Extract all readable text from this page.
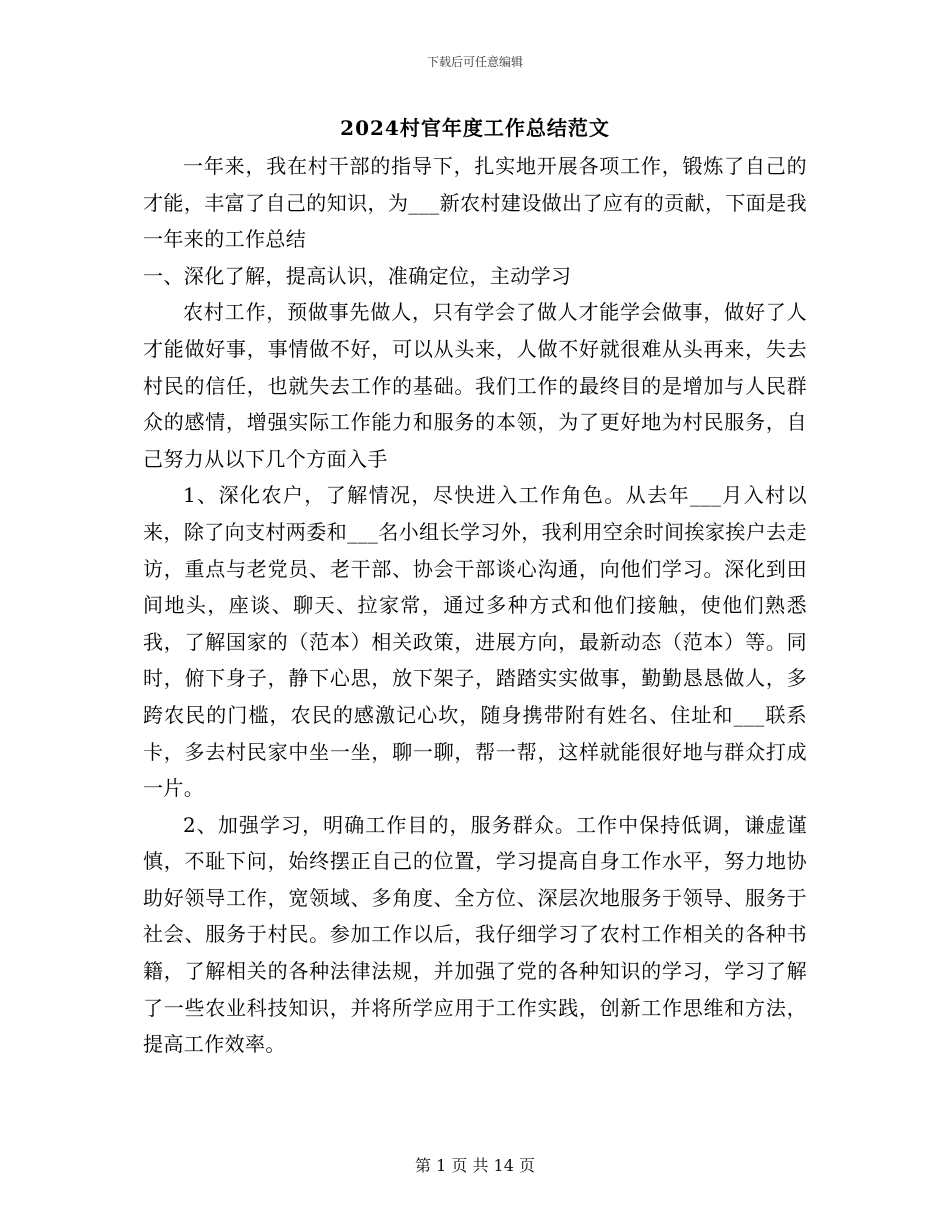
下载后可任意编辑
2024村官年度工作总结范文

一年来，我在村干部的指导下，扎实地开展各项工作，锻炼了自己的才能，丰富了自己的知识，为___新农村建设做出了应有的贡献，下面是我一年来的工作总结

一、深化了解，提高认识，准确定位，主动学习

农村工作，预做事先做人，只有学会了做人才能学会做事，做好了人才能做好事，事情做不好，可以从头来，人做不好就很难从头再来，失去村民的信任，也就失去工作的基础。我们工作的最终目的是增加与人民群众的感情，增强实际工作能力和服务的本领，为了更好地为村民服务，自己努力从以下几个方面入手

1、深化农户，了解情况，尽快进入工作角色。从去年___月入村以来，除了向支村两委和___名小组长学习外，我利用空余时间挨家挨户去走访，重点与老党员、老干部、协会干部谈心沟通，向他们学习。深化到田间地头，座谈、聊天、拉家常，通过多种方式和他们接触，使他们熟悉我，了解国家的（范本）相关政策，进展方向，最新动态（范本）等。同时，俯下身子，静下心思，放下架子，踏踏实实做事，勤勤恳恳做人，多跨农民的门槛，农民的感激记心坎，随身携带附有姓名、住址和___联系卡，多去村民家中坐一坐，聊一聊，帮一帮，这样就能很好地与群众打成一片。

2、加强学习，明确工作目的，服务群众。工作中保持低调，谦虚谨慎，不耻下问，始终摆正自己的位置，学习提高自身工作水平，努力地协助好领导工作，宽领域、多角度、全方位、深层次地服务于领导、服务于社会、服务于村民。参加工作以后，我仔细学习了农村工作相关的各种书籍，了解相关的各种法律法规，并加强了党的各种知识的学习，学习了解了一些农业科技知识，并将所学应用于工作实践，创新工作思维和方法，提高工作效率。

第 1 页 共 14 页
